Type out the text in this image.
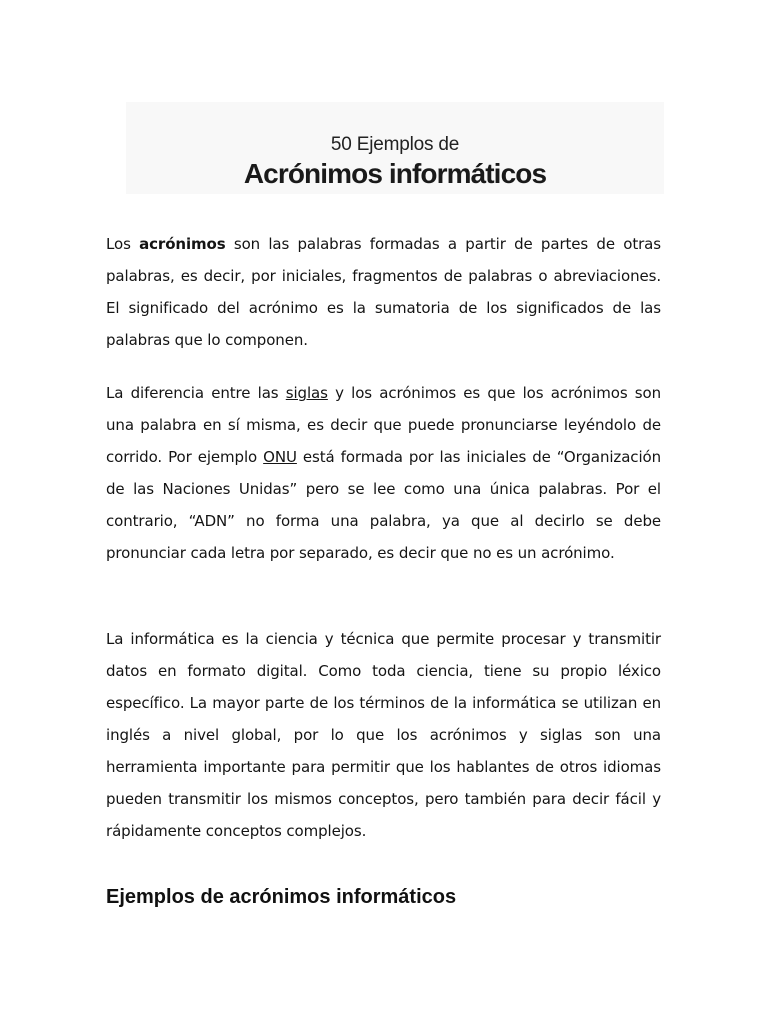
50 Ejemplos de
Acrónimos informáticos

Los acrónimos son las palabras formadas a partir de partes de otras palabras, es decir, por iniciales, fragmentos de palabras o abreviaciones. El significado del acrónimo es la sumatoria de los significados de las palabras que lo componen.

La diferencia entre las siglas y los acrónimos es que los acrónimos son una palabra en sí misma, es decir que puede pronunciarse leyéndolo de corrido. Por ejemplo ONU está formada por las iniciales de “Organización de las Naciones Unidas” pero se lee como una única palabras. Por el contrario, “ADN” no forma una palabra, ya que al decirlo se debe pronunciar cada letra por separado, es decir que no es un acrónimo.

La informática es la ciencia y técnica que permite procesar y transmitir datos en formato digital. Como toda ciencia, tiene su propio léxico específico. La mayor parte de los términos de la informática se utilizan en inglés a nivel global, por lo que los acrónimos y siglas son una herramienta importante para permitir que los hablantes de otros idiomas pueden transmitir los mismos conceptos, pero también para decir fácil y rápidamente conceptos complejos.

Ejemplos de acrónimos informáticos
